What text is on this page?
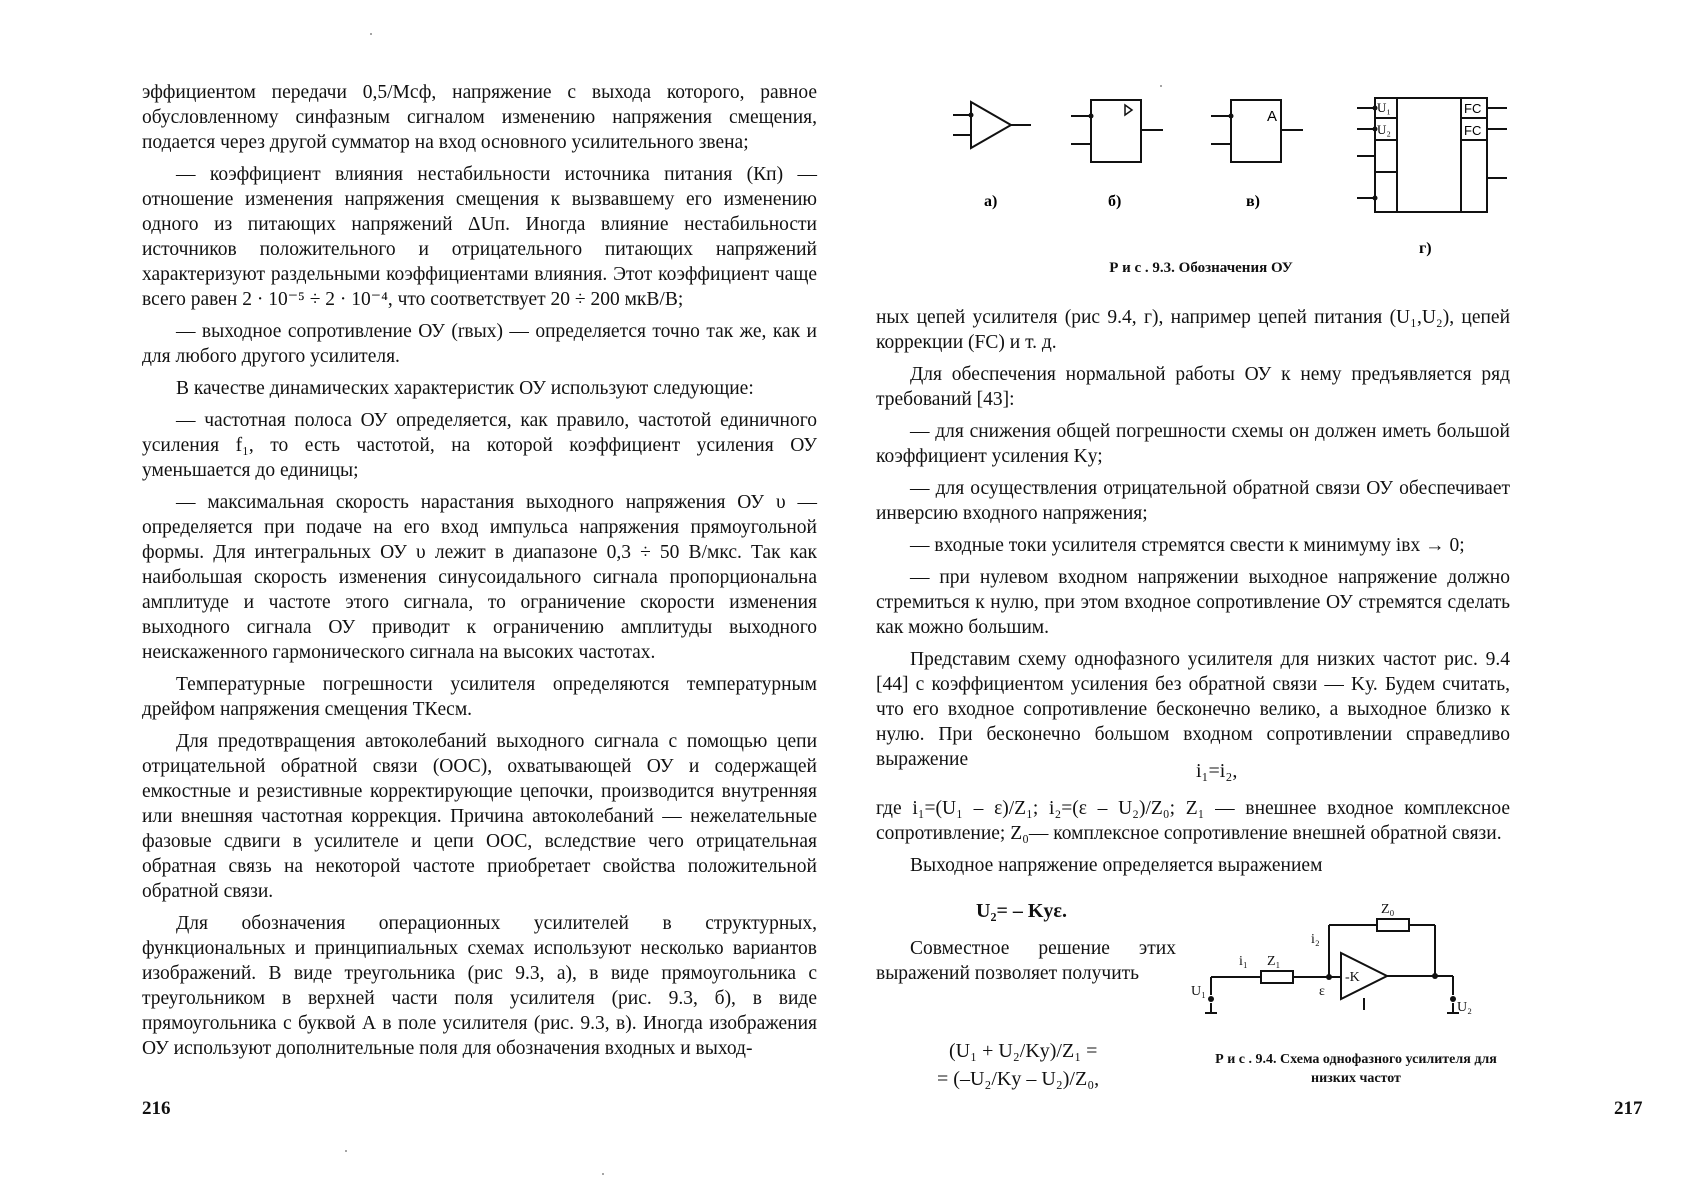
эффициентом передачи 0,5/Мсф, напряжение с выхода которого, равное обусловленному синфазным сигналом изменению напряжения смещения, подается через другой сумматор на вход основного усилительного звена;

— коэффициент влияния нестабильности источника питания (Кп) — отношение изменения напряжения смещения к вызвавшему его изменению одного из питающих напряжений ΔUп. Иногда влияние нестабильности источников положительного и отрицательного питающих напряжений характеризуют раздельными коэффициентами влияния. Этот коэффициент чаще всего равен 2 · 10⁻⁵ ÷ 2 · 10⁻⁴, что соответствует 20 ÷ 200 мкВ/В;

— выходное сопротивление ОУ (rвых) — определяется точно так же, как и для любого другого усилителя.

В качестве динамических характеристик ОУ используют следующие:

— частотная полоса ОУ определяется, как правило, частотой единичного усиления f₁, то есть частотой, на которой коэффициент усиления ОУ уменьшается до единицы;

— максимальная скорость нарастания выходного напряжения ОУ υ — определяется при подаче на его вход импульса напряжения прямоугольной формы. Для интегральных ОУ υ лежит в диапазоне 0,3 ÷ 50 В/мкс. Так как наибольшая скорость изменения синусоидального сигнала пропорциональна амплитуде и частоте этого сигнала, то ограничение скорости изменения выходного сигнала ОУ приводит к ограничению амплитуды выходного неискаженного гармонического сигнала на высоких частотах.

Температурные погрешности усилителя определяются температурным дрейфом напряжения смещения ТКeсм.

Для предотвращения автоколебаний выходного сигнала с помощью цепи отрицательной обратной связи (ООС), охватывающей ОУ и содержащей емкостные и резистивные корректирующие цепочки, производится внутренняя или внешняя частотная коррекция. Причина автоколебаний — нежелательные фазовые сдвиги в усилителе и цепи ООС, вследствие чего отрицательная обратная связь на некоторой частоте приобретает свойства положительной обратной связи.

Для обозначения операционных усилителей в структурных, функциональных и принципиальных схемах используют несколько вариантов изображений. В виде треугольника (рис 9.3, а), в виде прямоугольника с треугольником в верхней части поля усилителя (рис. 9.3, б), в виде прямоугольника с буквой А в поле усилителя (рис. 9.3, в). Иногда изображения ОУ используют дополнительные поля для обозначения входных и выход-

216
A
U₁
U₂
FC
FC
а)	б)	в)
г)
Р и с . 9.3. Обозначения ОУ

ных цепей усилителя (рис 9.4, г), например цепей питания (U₁,U₂), цепей коррекции (FC) и т. д.

Для обеспечения нормальной работы ОУ к нему предъявляется ряд требований [43]:

— для снижения общей погрешности схемы он должен иметь большой коэффициент усиления Kу;

— для осуществления отрицательной обратной связи ОУ обеспечивает инверсию входного напряжения;

— входные токи усилителя стремятся свести к минимуму iвх → 0;

— при нулевом входном напряжении выходное напряжение должно стремиться к нулю, при этом входное сопротивление ОУ стремятся сделать как можно большим.

Представим схему однофазного усилителя для низких частот рис. 9.4 [44] с коэффициентом усиления без обратной связи — Kу. Будем считать, что его входное сопротивление бесконечно велико, а выходное близко к нулю. При бесконечно большом входном сопротивлении справедливо выражение

i₁=i₂,

где i₁=(U₁ – ε)/Z₁; i₂=(ε – U₂)/Z₀; Z₁ — внешнее входное комплексное сопротивление; Z₀— комплексное сопротивление внешней обратной связи.

Выходное напряжение определяется выражением

U₂= – Kуε.
Совместное решение этих выражений позволяет получить
(U₁ + U₂/Kу)/Z₁ =
= (–U₂/Kу – U₂)/Z₀,
Z₀
Z₁
i₁
i₂
ε
-K
U₁
U₂
Р и с . 9.4. Схема однофазного усилителя для
низких частот
217
